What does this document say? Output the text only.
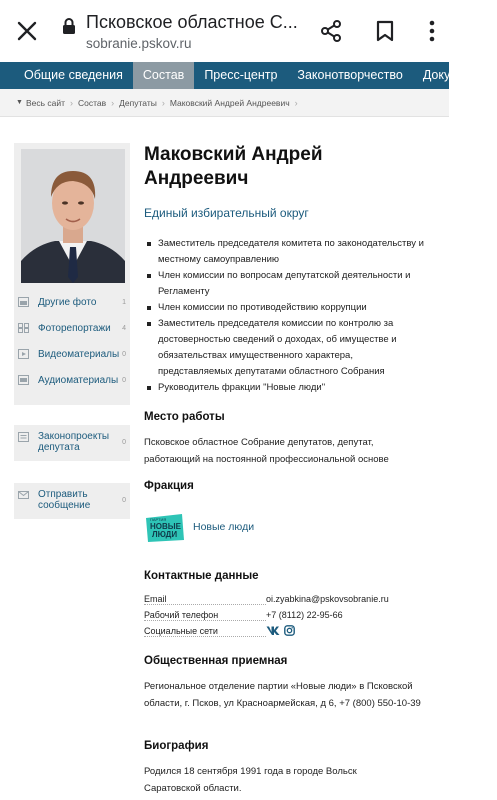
Псковское областное С...
sobranie.pskov.ru
Общие сведения	Состав	Пресс-центр	Законотворчество	Документы
▼ Весь сайт › Состав › Депутаты › Маковский Андрей Андреевич ›
Другие фото	1
Фоторепортажи	4
Видеоматериалы 0
Аудиоматериалы 0
Законопроекты
депутата	0
Отправить
сообщение	0
Маковский Андрей
Андреевич
Единый избирательный округ
Заместитель председателя комитета по законодательству и местному самоуправлению
Член комиссии по вопросам депутатской деятельности и Регламенту
Член комиссии по противодействию коррупции
Заместитель председателя комиссии по контролю за достоверностью сведений о доходах, об имуществе и обязательствах имущественного характера, представляемых депутатами областного Собрания
Руководитель фракции "Новые люди"
Место работы
Псковское областное Собрание депутатов, депутат, работающий на постоянной профессиональной основе
Фракция
ПАРТИЯ
НОВЫЕ
ЛЮДИ
Новые люди
Контактные данные
Email	oi.zyabkina@pskovsobranie.ru
Рабочий телефон	+7 (8112) 22-95-66
Социальные сети
Общественная приемная
Региональное отделение партии «Новые люди» в Псковской области, г. Псков, ул Красноармейская, д 6, +7 (800) 550-10-39
Биография
Родился 18 сентября 1991 года в городе Вольск Саратовской области.
